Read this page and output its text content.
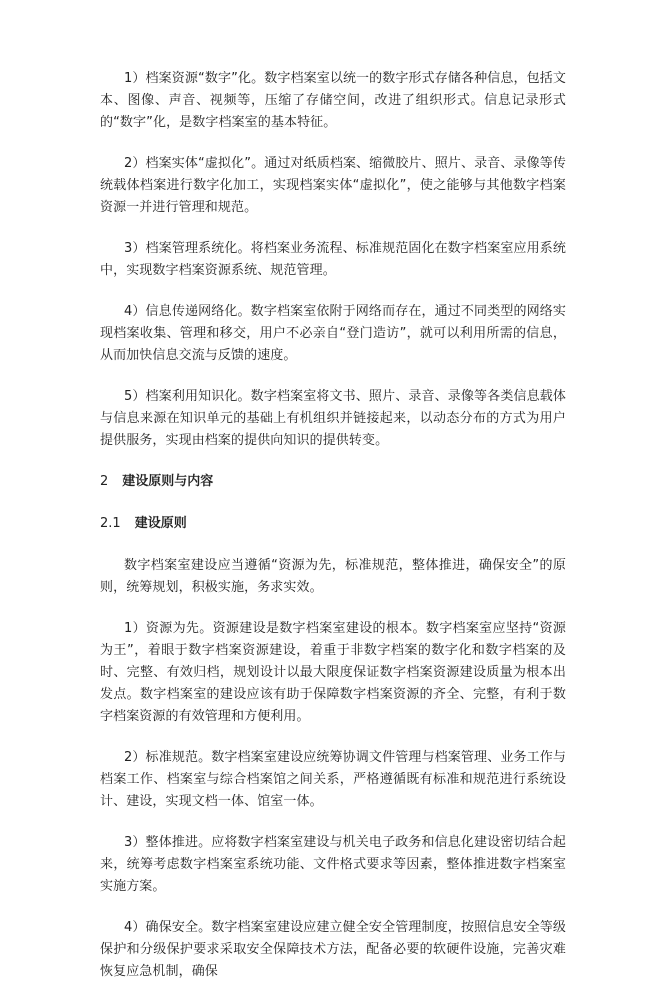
1）档案资源“数字”化。数字档案室以统一的数字形式存储各种信息，包括文本、图像、声音、视频等，压缩了存储空间，改进了组织形式。信息记录形式的“数字”化，是数字档案室的基本特征。

2）档案实体“虚拟化”。通过对纸质档案、缩微胶片、照片、录音、录像等传统载体档案进行数字化加工，实现档案实体“虚拟化”，使之能够与其他数字档案资源一并进行管理和规范。

3）档案管理系统化。将档案业务流程、标准规范固化在数字档案室应用系统中，实现数字档案资源系统、规范管理。

4）信息传递网络化。数字档案室依附于网络而存在，通过不同类型的网络实现档案收集、管理和移交，用户不必亲自“登门造访”，就可以利用所需的信息，从而加快信息交流与反馈的速度。

5）档案利用知识化。数字档案室将文书、照片、录音、录像等各类信息载体与信息来源在知识单元的基础上有机组织并链接起来，以动态分布的方式为用户提供服务，实现由档案的提供向知识的提供转变。

2 建设原则与内容
2.1 建设原则

数字档案室建设应当遵循“资源为先，标准规范，整体推进，确保安全”的原则，统筹规划，积极实施，务求实效。

1）资源为先。资源建设是数字档案室建设的根本。数字档案室应坚持“资源为王”，着眼于数字档案资源建设，着重于非数字档案的数字化和数字档案的及时、完整、有效归档，规划设计以最大限度保证数字档案资源建设质量为根本出发点。数字档案室的建设应该有助于保障数字档案资源的齐全、完整，有利于数字档案资源的有效管理和方便利用。

2）标准规范。数字档案室建设应统筹协调文件管理与档案管理、业务工作与档案工作、档案室与综合档案馆之间关系，严格遵循既有标准和规范进行系统设计、建设，实现文档一体、馆室一体。

3）整体推进。应将数字档案室建设与机关电子政务和信息化建设密切结合起来，统筹考虑数字档案室系统功能、文件格式要求等因素，整体推进数字档案室实施方案。

4）确保安全。数字档案室建设应建立健全安全管理制度，按照信息安全等级保护和分级保护要求采取安全保障技术方法，配备必要的软硬件设施，完善灾难恢复应急机制，确保
